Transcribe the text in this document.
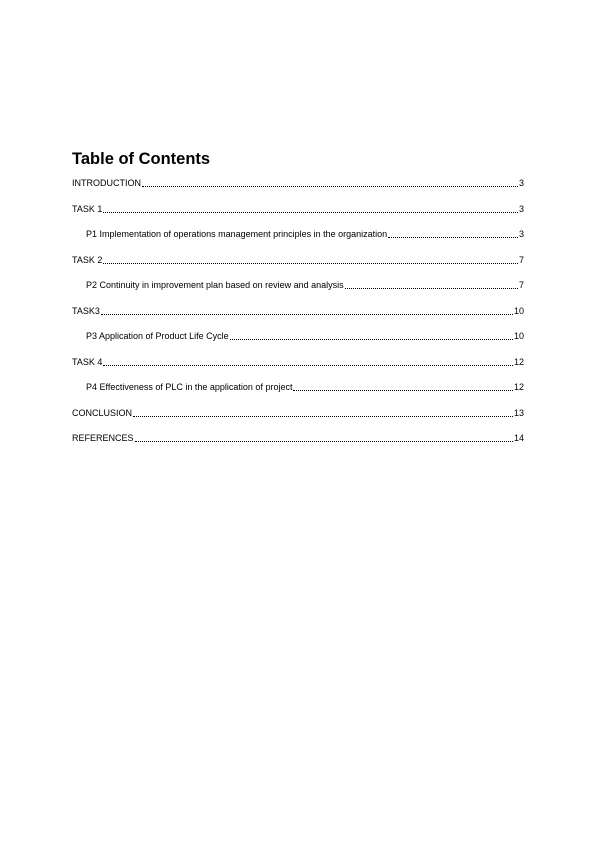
Table of Contents
INTRODUCTION	3
TASK 1	3
P1 Implementation of operations management principles in the organization	3
TASK 2	7
P2 Continuity in improvement plan based on review and analysis	7
TASK3	10
P3 Application of Product Life Cycle	10
TASK 4	12
P4 Effectiveness of PLC in the application of project	12
CONCLUSION	13
REFERENCES	14
